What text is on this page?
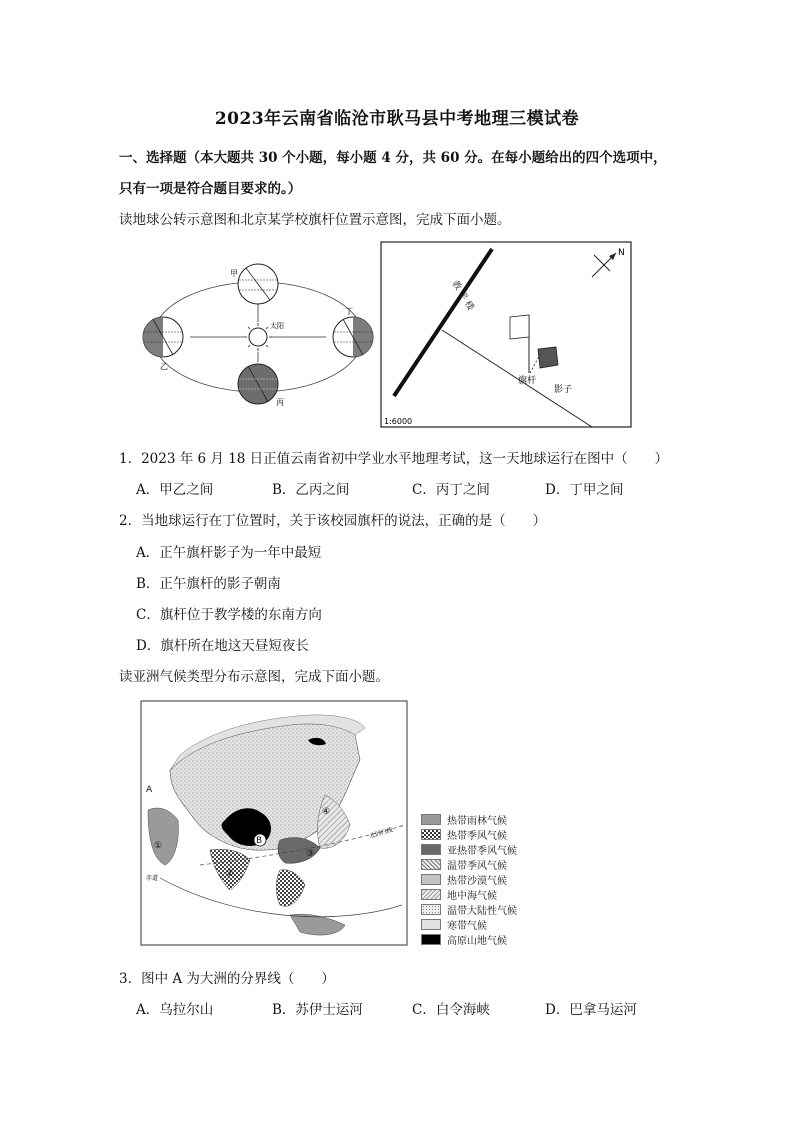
2023年云南省临沧市耿马县中考地理三模试卷
一、选择题（本大题共 30 个小题，每小题 4 分，共 60 分。在每小题给出的四个选项中，
只有一项是符合题目要求的。）
读地球公转示意图和北京某学校旗杆位置示意图，完成下面小题。
甲
乙
丙
丁
太阳
教 学 楼
旗杆
影子
N
1:6000
1．2023 年 6 月 18 日正值云南省初中学业水平地理考试，这一天地球运行在图中（　　）
A．甲乙之间	B．乙丙之间	C．丙丁之间	D．丁甲之间
2．当地球运行在丁位置时，关于该校园旗杆的说法，正确的是（　　）
A．正午旗杆影子为一年中最短
B．正午旗杆的影子朝南
C．旗杆位于教学楼的东南方向
D．旗杆所在地这天昼短夜长
读亚洲气候类型分布示意图，完成下面小题。
北回归线
赤道
A
B
①
②
③
④
热带雨林气候
热带季风气候
亚热带季风气候
温带季风气候
热带沙漠气候
地中海气候
温带大陆性气候
寒带气候
高原山地气候
3．图中 A 为大洲的分界线（　　）
A．乌拉尔山	B．苏伊士运河	C．白令海峡	D．巴拿马运河
